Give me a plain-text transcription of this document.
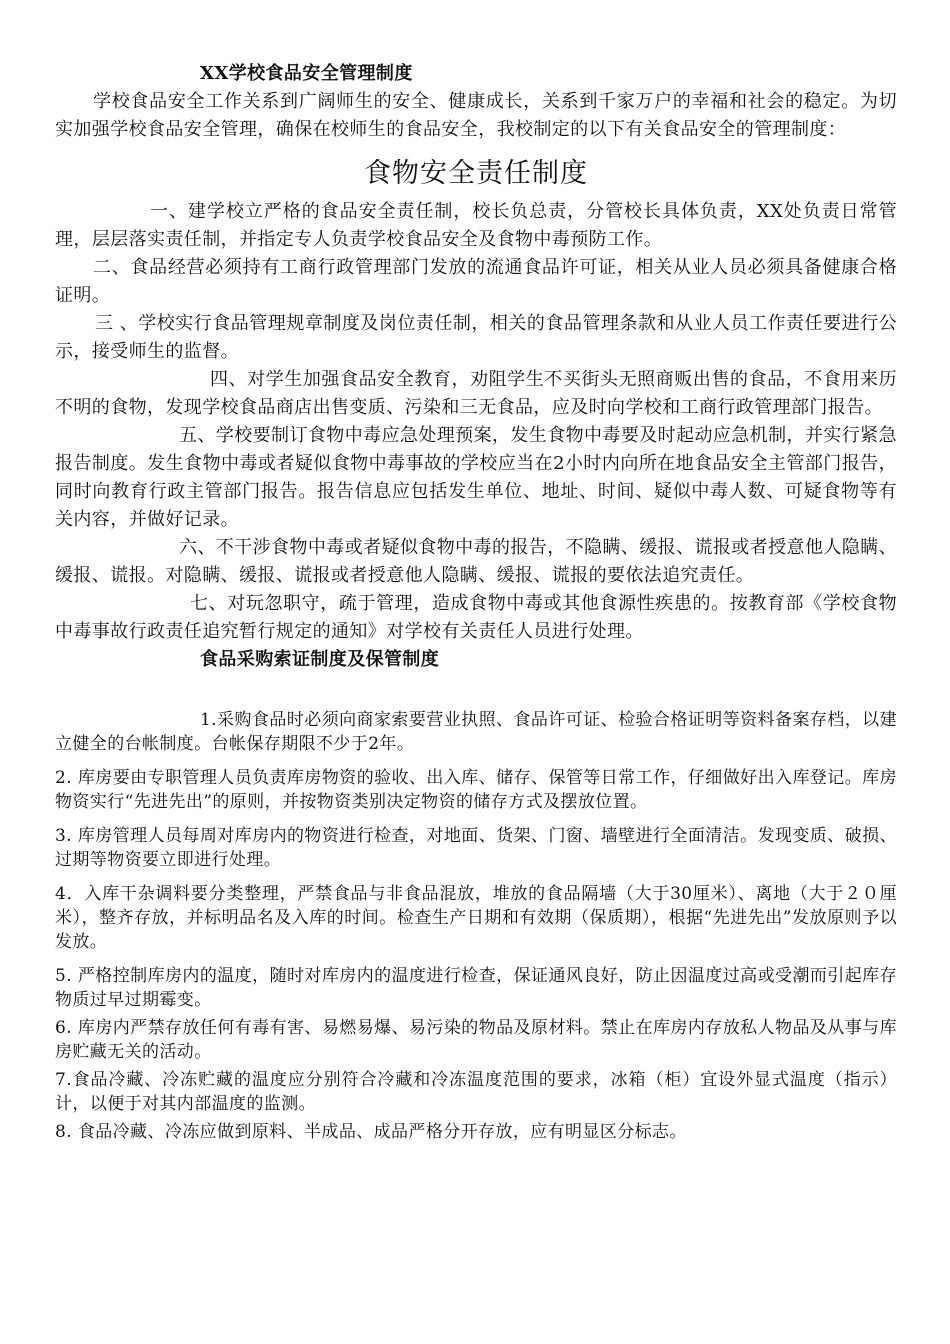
XX学校食品安全管理制度

学校食品安全工作关系到广阔师生的安全、健康成长，关系到千家万户的幸福和社会的稳定。为切实加强学校食品安全管理，确保在校师生的食品安全，我校制定的以下有关食品安全的管理制度：

食物安全责任制度

一、建学校立严格的食品安全责任制，校长负总责，分管校长具体负责，XX处负责日常管理，层层落实责任制，并指定专人负责学校食品安全及食物中毒预防工作。

二、食品经营必须持有工商行政管理部门发放的流通食品许可证，相关从业人员必须具备健康合格证明。

三 、学校实行食品管理规章制度及岗位责任制，相关的食品管理条款和从业人员工作责任要进行公示，接受师生的监督。

四、对学生加强食品安全教育，劝阻学生不买街头无照商贩出售的食品，不食用来历不明的食物，发现学校食品商店出售变质、污染和三无食品，应及时向学校和工商行政管理部门报告。

五、学校要制订食物中毒应急处理预案，发生食物中毒要及时起动应急机制，并实行紧急报告制度。发生食物中毒或者疑似食物中毒事故的学校应当在2小时内向所在地食品安全主管部门报告，同时向教育行政主管部门报告。报告信息应包括发生单位、地址、时间、疑似中毒人数、可疑食物等有关内容，并做好记录。

六、不干涉食物中毒或者疑似食物中毒的报告，不隐瞒、缓报、谎报或者授意他人隐瞒、缓报、谎报。对隐瞒、缓报、谎报或者授意他人隐瞒、缓报、谎报的要依法追究责任。

七、对玩忽职守，疏于管理，造成食物中毒或其他食源性疾患的。按教育部《学校食物中毒事故行政责任追究暂行规定的通知》对学校有关责任人员进行处理。

食品采购索证制度及保管制度

1.采购食品时必须向商家索要营业执照、食品许可证、检验合格证明等资料备案存档，以建立健全的台帐制度。台帐保存期限不少于2年。

2. 库房要由专职管理人员负责库房物资的验收、出入库、储存、保管等日常工作，仔细做好出入库登记。库房物资实行“先进先出”的原则，并按物资类别决定物资的储存方式及摆放位置。

3. 库房管理人员每周对库房内的物资进行检查，对地面、货架、门窗、墙壁进行全面清洁。发现变质、破损、过期等物资要立即进行处理。

4．入库干杂调料要分类整理，严禁食品与非食品混放，堆放的食品隔墙（大于30厘米）、离地（大于２０厘米），整齐存放，并标明品名及入库的时间。检查生产日期和有效期（保质期），根据“先进先出”发放原则予以发放。

5. 严格控制库房内的温度，随时对库房内的温度进行检查，保证通风良好，防止因温度过高或受潮而引起库存物质过早过期霉变。

6. 库房内严禁存放任何有毒有害、易燃易爆、易污染的物品及原材料。禁止在库房内存放私人物品及从事与库房贮藏无关的活动。

7.食品冷藏、冷冻贮藏的温度应分别符合冷藏和冷冻温度范围的要求，冰箱（柜）宜设外显式温度（指示）计，以便于对其内部温度的监测。

8. 食品冷藏、冷冻应做到原料、半成品、成品严格分开存放，应有明显区分标志。
